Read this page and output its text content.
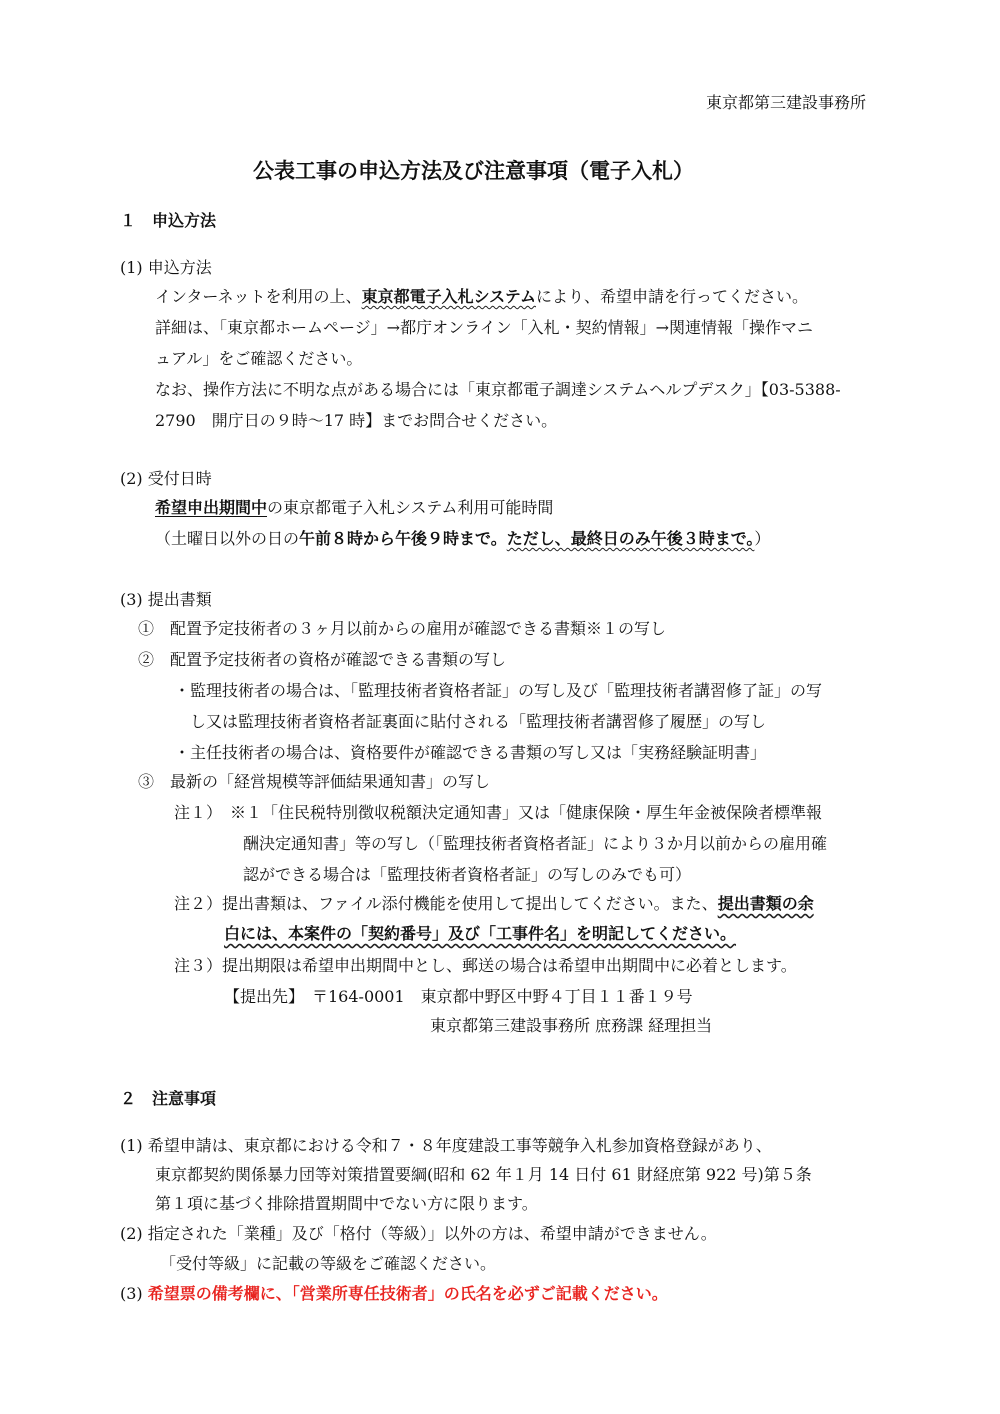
東京都第三建設事務所
公表工事の申込方法及び注意事項（電子入札）
１　申込方法
(1) 申込方法
インターネットを利用の上、東京都電子入札システムにより、希望申請を行ってください。
詳細は、「東京都ホームページ」→都庁オンライン「入札・契約情報」→関連情報「操作マニ
ュアル」をご確認ください。
なお、操作方法に不明な点がある場合には「東京都電子調達システムヘルプデスク」【03-5388-
2790　開庁日の９時～17 時】までお問合せください。
(2) 受付日時
希望申出期間中の東京都電子入札システム利用可能時間
（土曜日以外の日の午前８時から午後９時まで。ただし、最終日のみ午後３時まで。）
(3) 提出書類
①　配置予定技術者の３ヶ月以前からの雇用が確認できる書類※１の写し
②　配置予定技術者の資格が確認できる書類の写し
・監理技術者の場合は、「監理技術者資格者証」の写し及び「監理技術者講習修了証」の写
し又は監理技術者資格者証裏面に貼付される「監理技術者講習修了履歴」の写し
・主任技術者の場合は、資格要件が確認できる書類の写し又は「実務経験証明書」
③　最新の「経営規模等評価結果通知書」の写し
注１）　※１「住民税特別徴収税額決定通知書」又は「健康保険・厚生年金被保険者標準報
酬決定通知書」等の写し（「監理技術者資格者証」により３か月以前からの雇用確
認ができる場合は「監理技術者資格者証」の写しのみでも可）
注２）提出書類は、ファイル添付機能を使用して提出してください。また、提出書類の余
白には、本案件の「契約番号」及び「工事件名」を明記してください。
注３）提出期限は希望申出期間中とし、郵送の場合は希望申出期間中に必着とします。
【提出先】　〒164-0001　東京都中野区中野４丁目１１番１９号
東京都第三建設事務所 庶務課 経理担当
２　注意事項
(1) 希望申請は、東京都における令和７・８年度建設工事等競争入札参加資格登録があり、
東京都契約関係暴力団等対策措置要綱(昭和 62 年１月 14 日付 61 財経庶第 922 号)第５条
第１項に基づく排除措置期間中でない方に限ります。
(2) 指定された「業種」及び「格付（等級）」以外の方は、希望申請ができません。
「受付等級」に記載の等級をご確認ください。
(3) 希望票の備考欄に、「営業所専任技術者」の氏名を必ずご記載ください。
